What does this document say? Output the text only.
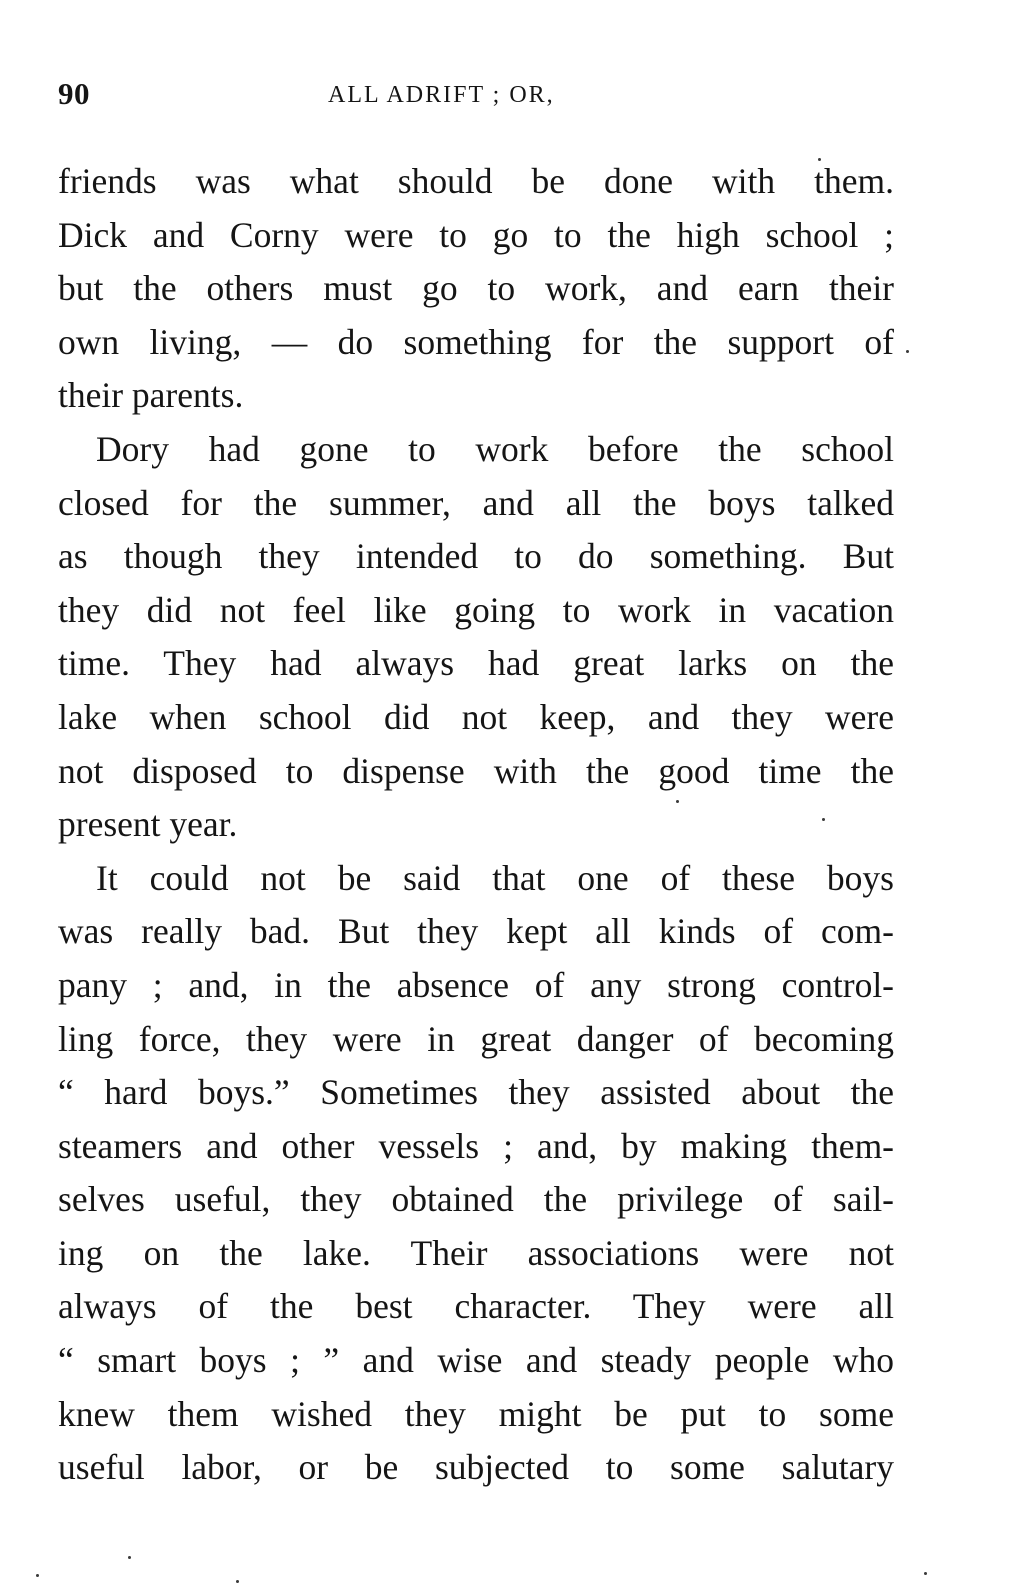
90	ALL ADRIFT ; OR,
friends was what should be done with them.
Dick and Corny were to go to the high school ;
but the others must go to work, and earn their
own living, — do something for the support of
their parents.
Dory had gone to work before the school
closed for the summer, and all the boys talked
as though they intended to do something. But
they did not feel like going to work in vacation
time. They had always had great larks on the
lake when school did not keep, and they were
not disposed to dispense with the good time the
present year.
It could not be said that one of these boys
was really bad. But they kept all kinds of com-
pany ; and, in the absence of any strong control-
ling force, they were in great danger of becoming
“ hard boys.” Sometimes they assisted about the
steamers and other vessels ; and, by making them-
selves useful, they obtained the privilege of sail-
ing on the lake. Their associations were not
always of the best character. They were all
“ smart boys ; ” and wise and steady people who
knew them wished they might be put to some
useful labor, or be subjected to some salutary
